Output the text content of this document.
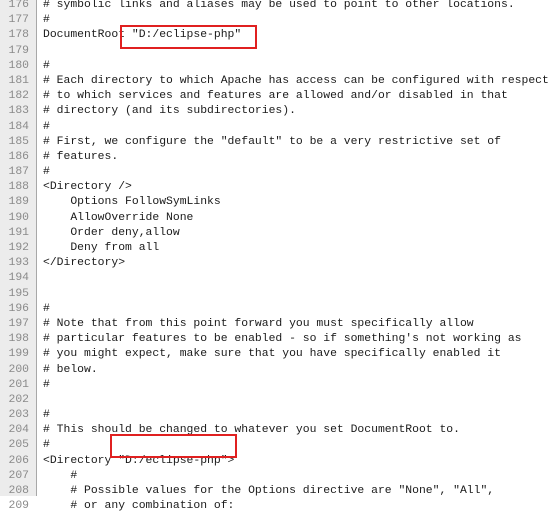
176 # symbolic links and aliases may be used to point to other locations.
177 #
178 DocumentRoot "D:/eclipse-php"
179
180 #
181 # Each directory to which Apache has access can be configured with respect
182 # to which services and features are allowed and/or disabled in that
183 # directory (and its subdirectories).
184 #
185 # First, we configure the "default" to be a very restrictive set of
186 # features.
187 #
188 <Directory />
189 Options FollowSymLinks
190 AllowOverride None
191 Order deny,allow
192 Deny from all
193 </Directory>
194
195
196 #
197 # Note that from this point forward you must specifically allow
198 # particular features to be enabled - so if something's not working as
199 # you might expect, make sure that you have specifically enabled it
200 # below.
201 #
202
203 #
204 # This should be changed to whatever you set DocumentRoot to.
205 #
206 <Directory "D:/eclipse-php">
207 #
208 # Possible values for the Options directive are "None", "All",
209 # or any combination of:
